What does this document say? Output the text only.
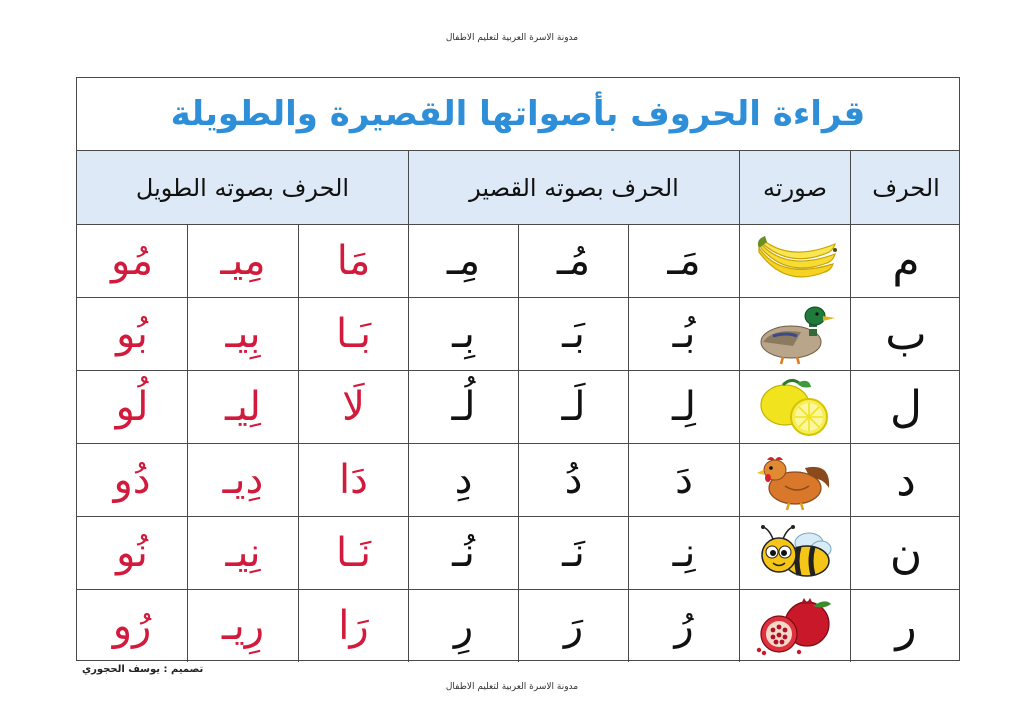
مدونة الاسرة العربية لتعليم الاطفال
قراءة الحروف بأصواتها القصيرة والطويلة
الحرف
صورته
الحرف بصوته القصير
الحرف بصوته الطويل
م
مَـ
مُـ
مِـ
مَا
مِيـ
مُو
ب
بُـ
بَـ
بِـ
بَـا
بِيـ
بُو
ل
لِـ
لَـ
لُـ
لَا
لِيـ
لُو
د
دَ
دُ
دِ
دَا
دِيـ
دُو
ن
نِـ
نَـ
نُـ
نَـا
نِيـ
نُو
ر
رُ
رَ
رِ
رَا
رِيـ
رُو
تصميم : يوسف الحجوري
مدونة الاسرة العربية لتعليم الاطفال
